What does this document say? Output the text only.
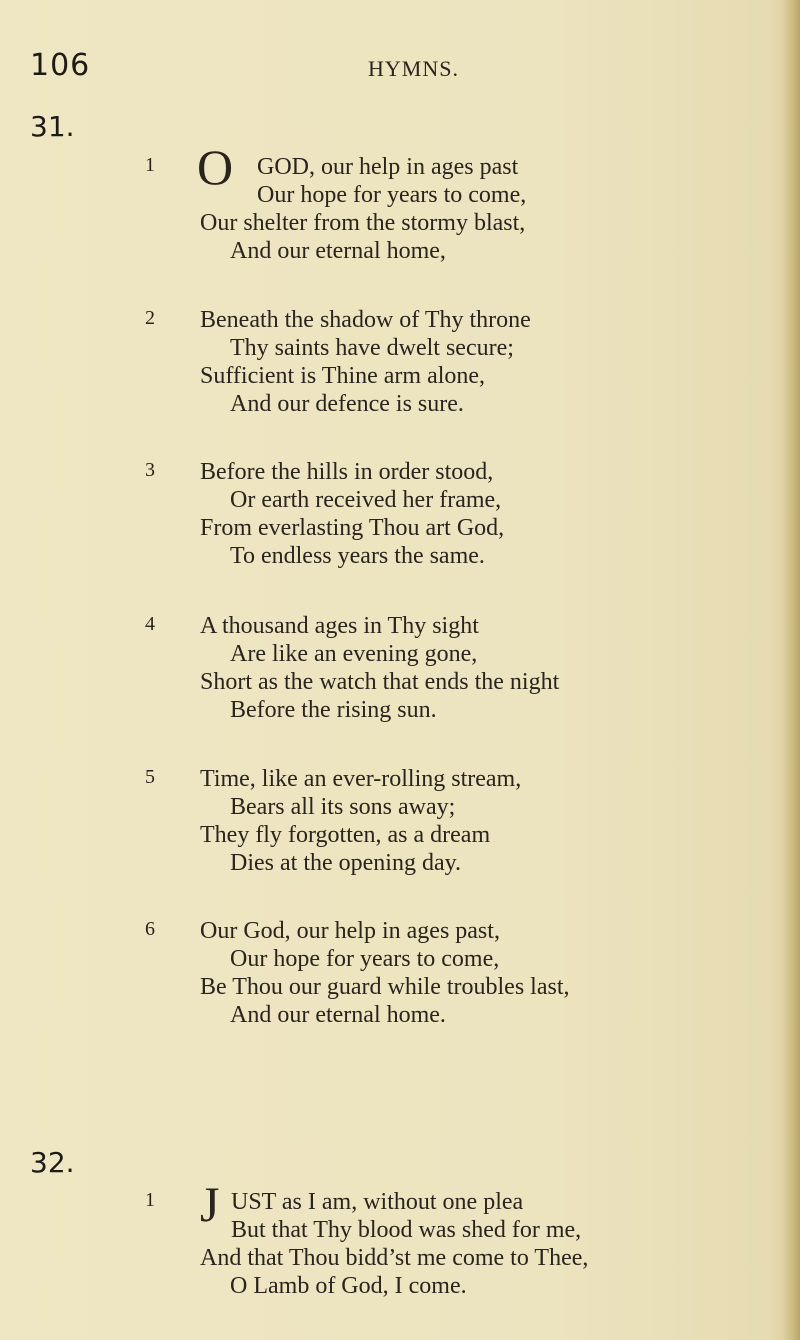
106	HYMNS.
31.
1 O GOD, our help in ages past
Our hope for years to come,
Our shelter from the stormy blast,
And our eternal home,
2 Beneath the shadow of Thy throne
Thy saints have dwelt secure;
Sufficient is Thine arm alone,
And our defence is sure.
3 Before the hills in order stood,
Or earth received her frame,
From everlasting Thou art God,
To endless years the same.
4 A thousand ages in Thy sight
Are like an evening gone,
Short as the watch that ends the night
Before the rising sun.
5 Time, like an ever-rolling stream,
Bears all its sons away;
They fly forgotten, as a dream
Dies at the opening day.
6 Our God, our help in ages past,
Our hope for years to come,
Be Thou our guard while troubles last,
And our eternal home.
32.
1 J UST as I am, without one plea
But that Thy blood was shed for me,
And that Thou bidd’st me come to Thee,
O Lamb of God, I come.
